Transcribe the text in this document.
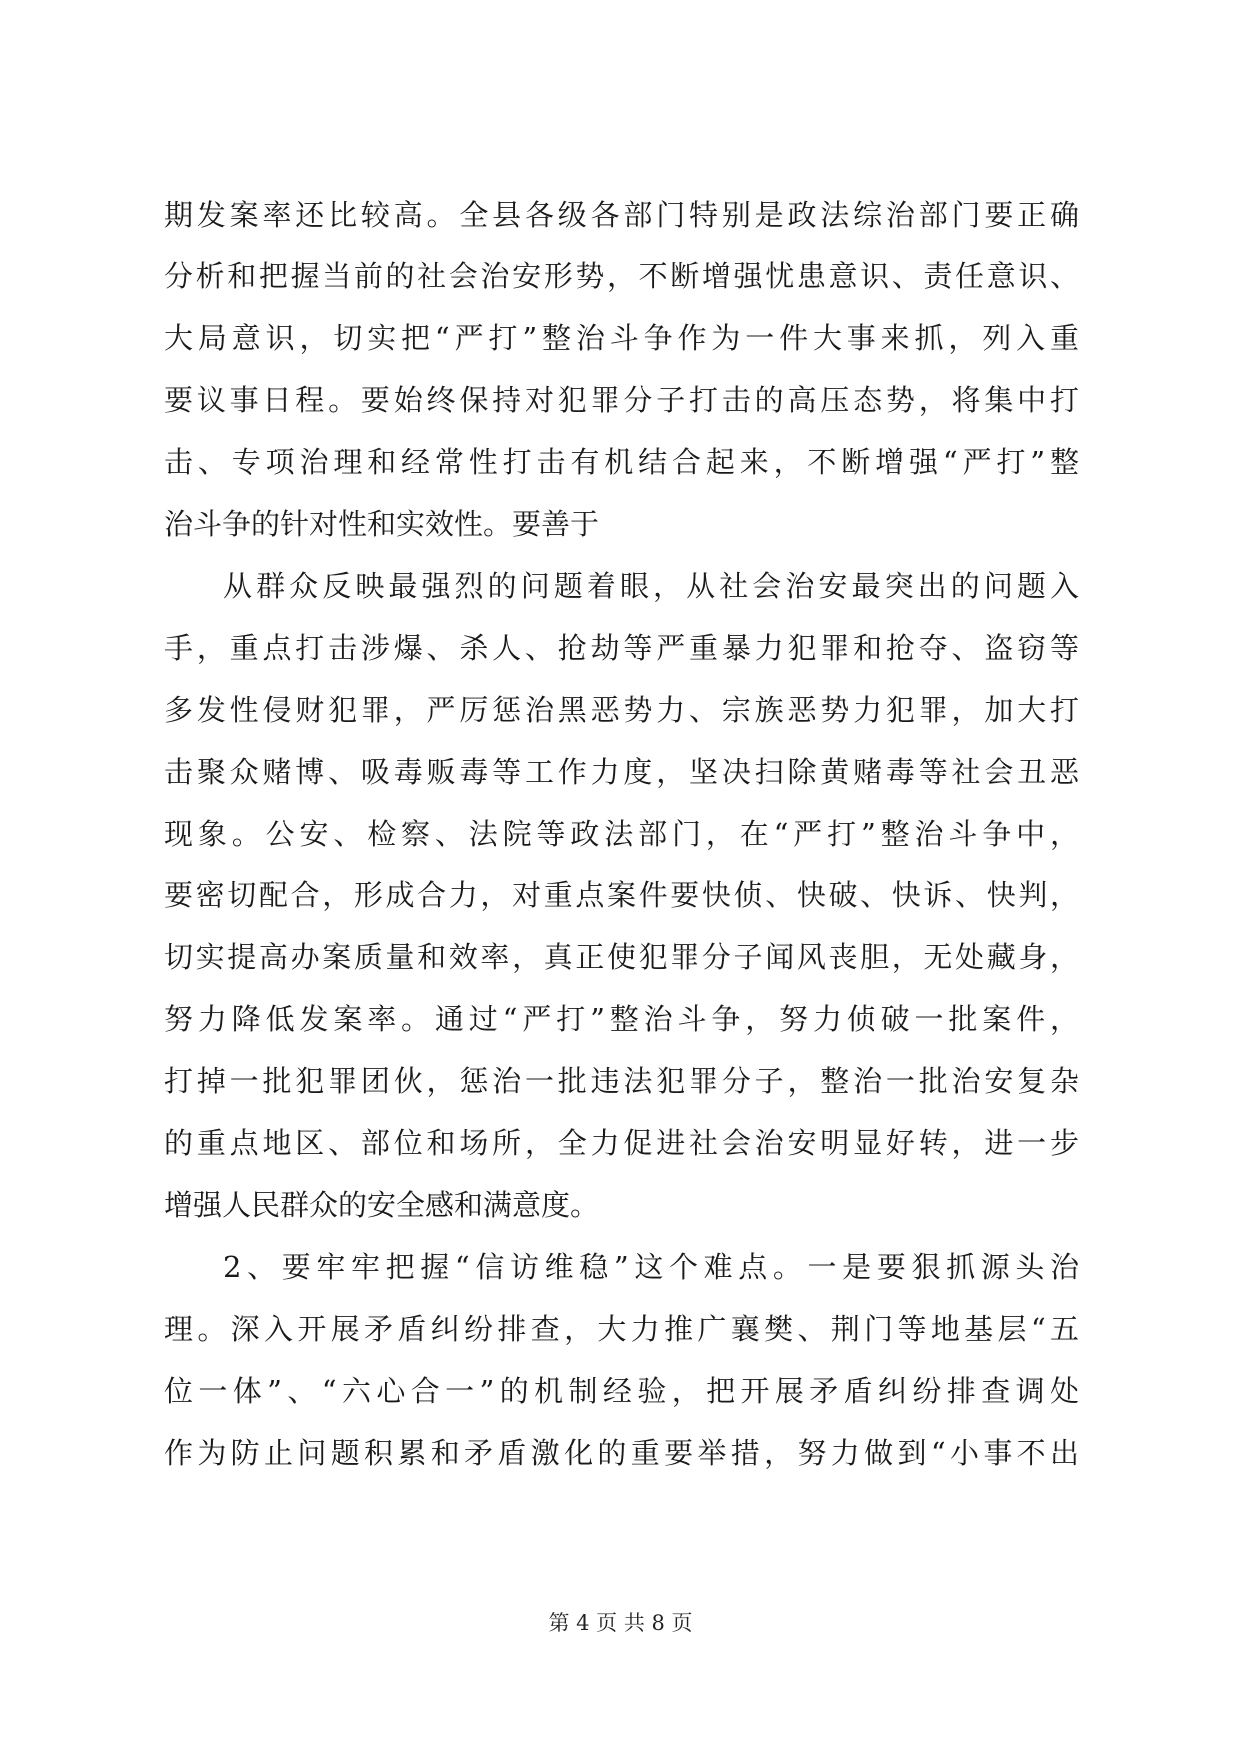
期发案率还比较高。全县各级各部门特别是政法综治部门要正确
分析和把握当前的社会治安形势，不断增强忧患意识、责任意识、
大局意识，切实把“严打”整治斗争作为一件大事来抓，列入重
要议事日程。要始终保持对犯罪分子打击的高压态势，将集中打
击、专项治理和经常性打击有机结合起来，不断增强“严打”整
治斗争的针对性和实效性。要善于
从群众反映最强烈的问题着眼，从社会治安最突出的问题入
手，重点打击涉爆、杀人、抢劫等严重暴力犯罪和抢夺、盗窃等
多发性侵财犯罪，严厉惩治黑恶势力、宗族恶势力犯罪，加大打
击聚众赌博、吸毒贩毒等工作力度，坚决扫除黄赌毒等社会丑恶
现象。公安、检察、法院等政法部门，在“严打”整治斗争中，
要密切配合，形成合力，对重点案件要快侦、快破、快诉、快判，
切实提高办案质量和效率，真正使犯罪分子闻风丧胆，无处藏身，
努力降低发案率。通过“严打”整治斗争，努力侦破一批案件，
打掉一批犯罪团伙，惩治一批违法犯罪分子，整治一批治安复杂
的重点地区、部位和场所，全力促进社会治安明显好转，进一步
增强人民群众的安全感和满意度。
2、要牢牢把握“信访维稳”这个难点。一是要狠抓源头治
理。深入开展矛盾纠纷排查，大力推广襄樊、荆门等地基层“五
位一体”、“六心合一”的机制经验，把开展矛盾纠纷排查调处
作为防止问题积累和矛盾激化的重要举措，努力做到“小事不出
第 4 页 共 8 页
